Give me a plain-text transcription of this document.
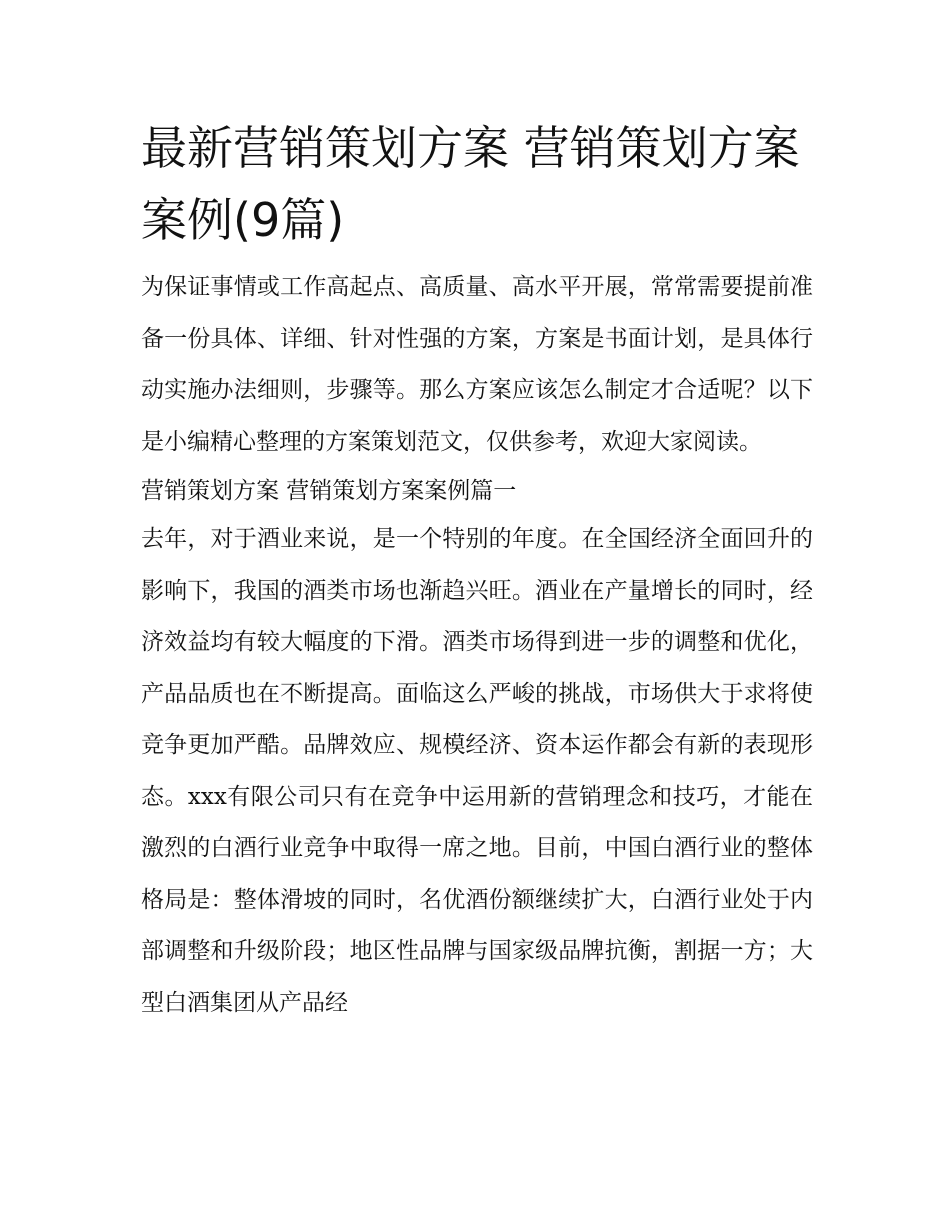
最新营销策划方案 营销策划方案案例(9篇)

为保证事情或工作高起点、高质量、高水平开展，常常需要提前准备一份具体、详细、针对性强的方案，方案是书面计划，是具体行动实施办法细则，步骤等。那么方案应该怎么制定才合适呢？以下是小编精心整理的方案策划范文，仅供参考，欢迎大家阅读。

营销策划方案 营销策划方案案例篇一

去年，对于酒业来说，是一个特别的年度。在全国经济全面回升的影响下，我国的酒类市场也渐趋兴旺。酒业在产量增长的同时，经济效益均有较大幅度的下滑。酒类市场得到进一步的调整和优化，产品品质也在不断提高。面临这么严峻的挑战，市场供大于求将使竞争更加严酷。品牌效应、规模经济、资本运作都会有新的表现形态。xxx有限公司只有在竞争中运用新的营销理念和技巧，才能在激烈的白酒行业竞争中取得一席之地。目前，中国白酒行业的整体格局是：整体滑坡的同时，名优酒份额继续扩大，白酒行业处于内部调整和升级阶段；地区性品牌与国家级品牌抗衡，割据一方；大型白酒集团从产品经
